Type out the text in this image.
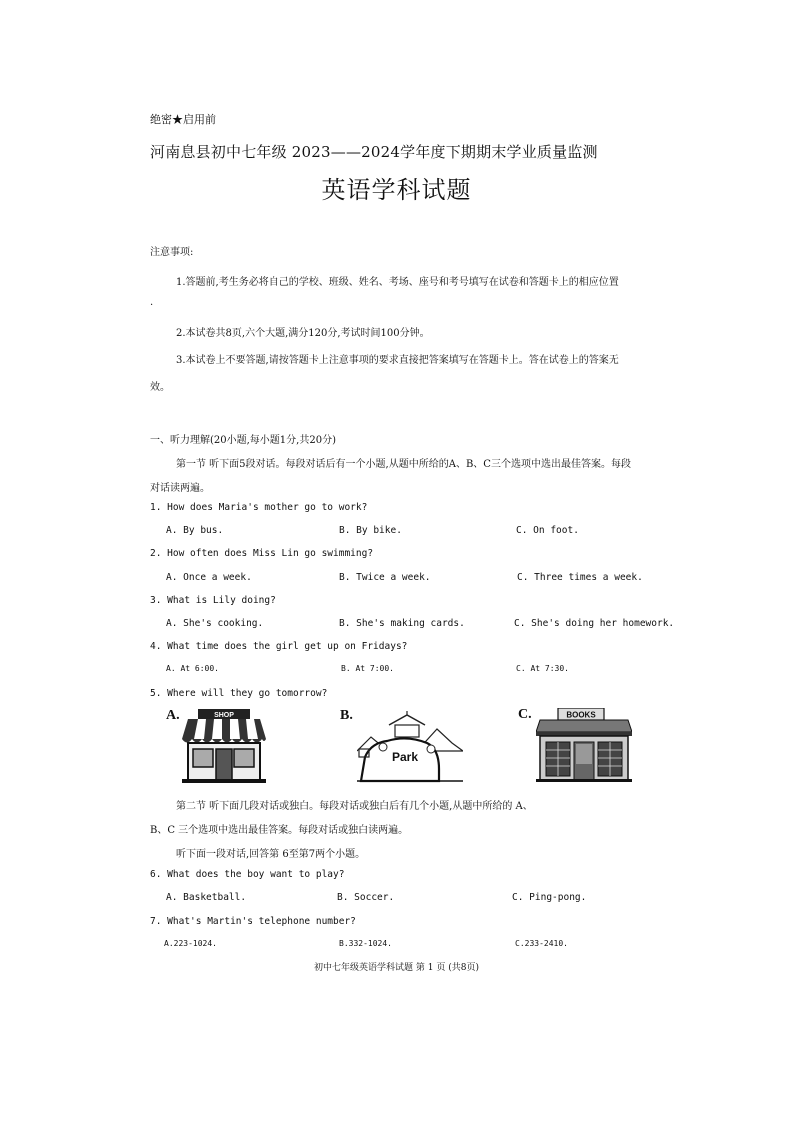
绝密★启用前
河南息县初中七年级 2023——2024学年度下期期末学业质量监测
英语学科试题
注意事项:
1.答题前,考生务必将自己的学校、班级、姓名、考场、座号和考号填写在试卷和答题卡上的相应位置
.
2.本试卷共8页,六个大题,满分120分,考试时间100分钟。
3.本试卷上不要答题,请按答题卡上注意事项的要求直接把答案填写在答题卡上。答在试卷上的答案无
效。
一、听力理解(20小题,每小题1分,共20分)
第一节 听下面5段对话。每段对话后有一个小题,从题中所给的A、B、C三个选项中选出最佳答案。每段
对话读两遍。
1. How does Maria's mother go to work?
A. By bus.	B. By bike.	C. On foot.
2. How often does Miss Lin go swimming?
A. Once a week.	B. Twice a week.	C. Three times a week.
3. What is Lily doing?
A. She's cooking.	B. She's making cards.	C. She's doing her homework.
4. What time does the girl get up on Fridays?
A. At 6:00.	B. At 7:00.	C. At 7:30.
5. Where will they go tomorrow?
A.	SHOP	B.
Park
C.	BOOKS
第二节 听下面几段对话或独白。每段对话或独白后有几个小题,从题中所给的 A、
B、C 三个选项中选出最佳答案。每段对话或独白读两遍。
听下面一段对话,回答第 6至第7两个小题。
6. What does the boy want to play?
A. Basketball.	B. Soccer.	C. Ping-pong.
7. What's Martin's telephone number?
A.223-1024.	B.332-1024.	C.233-2410.
初中七年级英语学科试题 第 1 页 (共8页)
